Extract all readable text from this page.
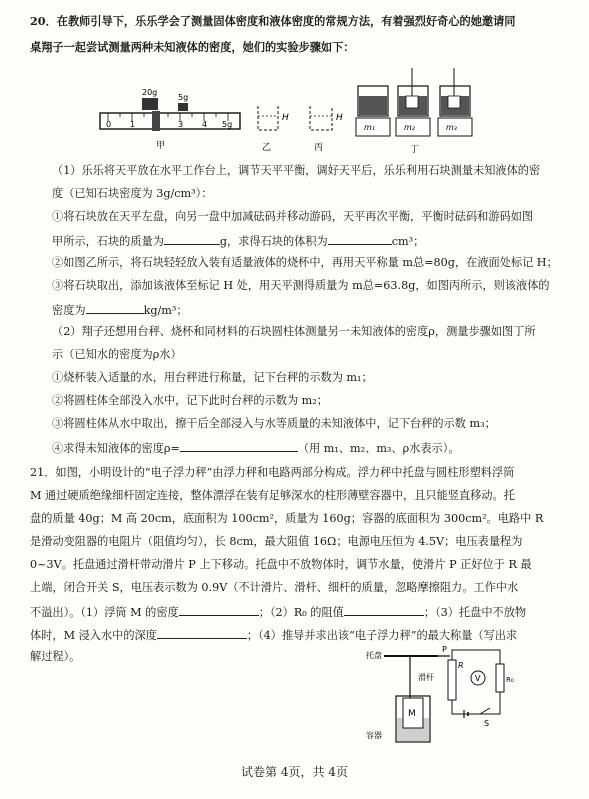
20．在教师引导下，乐乐学会了测量固体密度和液体密度的常规方法，有着强烈好奇心的她邀请同
桌翔子一起尝试测量两种未知液体的密度，她们的实验步骤如下：
20g
5g
0 1	3 4 5g
甲
H	H
乙	丙
m₁	m₂	m₃
丁
（1）乐乐将天平放在水平工作台上，调节天平平衡，调好天平后，乐乐利用石块测量未知液体的密
度（已知石块密度为 3g/cm³）：
①将石块放在天平左盘，向另一盘中加减砝码并移动游码，天平再次平衡，平衡时砝码和游码如图
甲所示，石块的质量为	g，求得石块的体积为	cm³；
②如图乙所示，将石块轻轻放入装有适量液体的烧杯中，再用天平称量 m总=80g，在液面处标记 H；
③将石块取出，添加该液体至标记 H 处，用天平测得质量为 m总=63.8g，如图丙所示，则该液体的
密度为	kg/m³；
（2）翔子还想用台秤、烧杯和同材料的石块圆柱体测量另一未知液体的密度ρ，测量步骤如图丁所
示（已知水的密度为ρ水）
①烧杯装入适量的水，用台秤进行称量，记下台秤的示数为 m₁；
②将圆柱体全部没入水中，记下此时台秤的示数为 m₂；
③将圆柱体从水中取出，擦干后全部浸入与水等质量的未知液体中，记下台秤的示数 m₃；
④求得未知液体的密度ρ=	（用 m₁、m₂、m₃、ρ水表示）。
21．如图，小明设计的“电子浮力秤”由浮力秤和电路两部分构成。浮力秤中托盘与圆柱形塑料浮筒
M 通过硬质绝缘细杆固定连接，整体漂浮在装有足够深水的柱形薄壁容器中，且只能竖直移动。托
盘的质量 40g；M 高 20cm，底面积为 100cm²，质量为 160g；容器的底面积为 300cm²。电路中 R
是滑动变阻器的电阻片（阻值均匀），长 8cm，最大阻值 16Ω；电源电压恒为 4.5V；电压表量程为
0~3V。托盘通过滑杆带动滑片 P 上下移动。托盘中不放物体时，调节水量，使滑片 P 正好位于 R 最
上端，闭合开关 S，电压表示数为 0.9V（不计滑片、滑杆、细杆的质量，忽略摩擦阻力。工作中水
不溢出）。（1）浮筒 M 的密度	；（2）R₀ 的阻值	；（3）托盘中不放物
体时，M 浸入水中的深度	；（4）推导并求出该“电子浮力秤”的最大称量（写出求
解过程）。	托盘
滑杆
P
R
V	R₀
S
M
容器
试卷第 4页，共 4页
